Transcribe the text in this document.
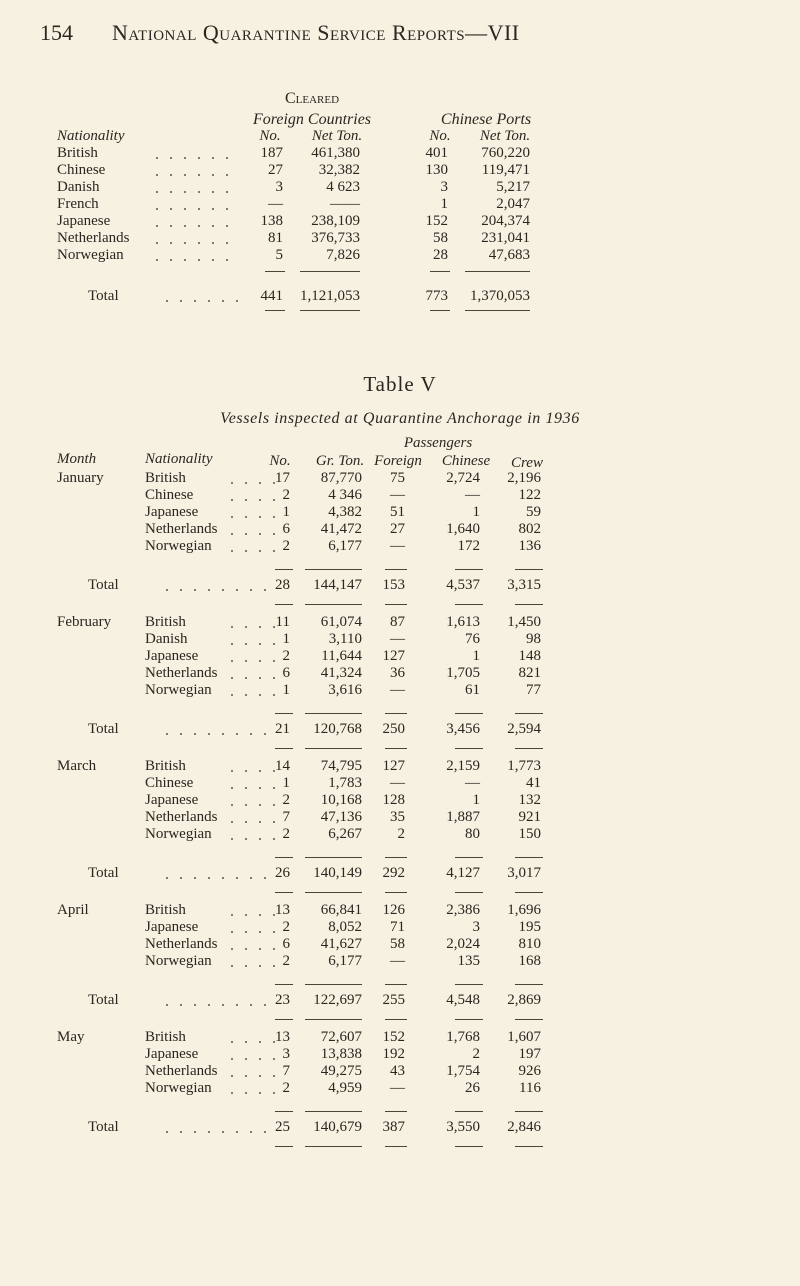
154 National Quarantine Service Reports—VII
Cleared
Foreign Countries	Chinese Ports
Nationality	No. Net Ton.	No. Net Ton.
British	187	461,380	401	760,220
Chinese	27	32,382	130	119,471
Danish	3	4 623	3	5,217
French	—	——	1	2,047
Japanese	138	238,109	152	204,374
Netherlands	81	376,733	58	231,041
Norwegian	5	7,826	28	47,683
Total	441	1,121,053	773	1,370,053
Table V
Vessels inspected at Quarantine Anchorage in 1936
Passengers
Month	Nationality	No. Gr. Ton. Foreign Chinese Crew
January	British	17	87,770	75	2,724	2,196
Chinese	2	4 346	—	—	122
Japanese	1	4,382	51	1	59
Netherlands	6	41,472	27	1,640	802
Norwegian	2	6,177	—	172	136
Total	28	144,147	153	4,537	3,315
February British	11	61,074	87	1,613	1,450
Danish	1	3,110	—	76	98
Japanese	2	11,644	127	1	148
Netherlands	6	41,324	36	1,705	821
Norwegian	1	3,616	—	61	77
Total	21	120,768	250	3,456	2,594
March	British	14	74,795	127	2,159	1,773
Chinese	1	1,783	—	—	41
Japanese	2	10,168	128	1	132
Netherlands	7	47,136	35	1,887	921
Norwegian	2	6,267	2	80	150
Total	26	140,149	292	4,127	3,017
April	British	13	66,841	126	2,386	1,696
Japanese	2	8,052	71	3	195
Netherlands	6	41,627	58	2,024	810
Norwegian	2	6,177	—	135	168
Total	23	122,697	255	4,548	2,869
May	British	13	72,607	152	1,768	1,607
Japanese	3	13,838	192	2	197
Netherlands	7	49,275	43	1,754	926
Norwegian	2	4,959	—	26	116
Total	25	140,679	387	3,550	2,846
